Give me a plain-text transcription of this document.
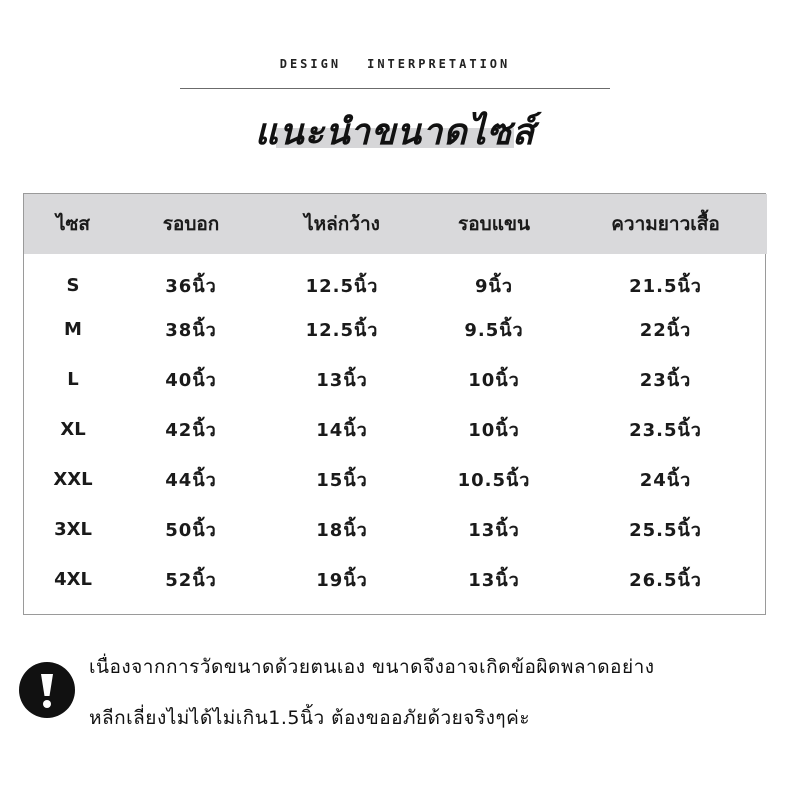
DESIGN INTERPRETATION
แนะนำขนาดไซส์
ไซส	รอบอก	ไหล่กว้าง	รอบแขน	ความยาวเสื้อ
S	36นิ้ว	12.5นิ้ว	9นิ้ว	21.5นิ้ว
M	38นิ้ว	12.5นิ้ว	9.5นิ้ว	22นิ้ว
L	40นิ้ว	13นิ้ว	10นิ้ว	23นิ้ว
XL	42นิ้ว	14นิ้ว	10นิ้ว	23.5นิ้ว
XXL	44นิ้ว	15นิ้ว	10.5นิ้ว	24นิ้ว
3XL	50นิ้ว	18นิ้ว	13นิ้ว	25.5นิ้ว
4XL	52นิ้ว	19นิ้ว	13นิ้ว	26.5นิ้ว
เนื่องจากการวัดขนาดด้วยตนเอง ขนาดจึงอาจเกิดข้อผิดพลาดอย่าง
หลีกเลี่ยงไม่ได้ไม่เกิน1.5นิ้ว ต้องขออภัยด้วยจริงๆค่ะ
